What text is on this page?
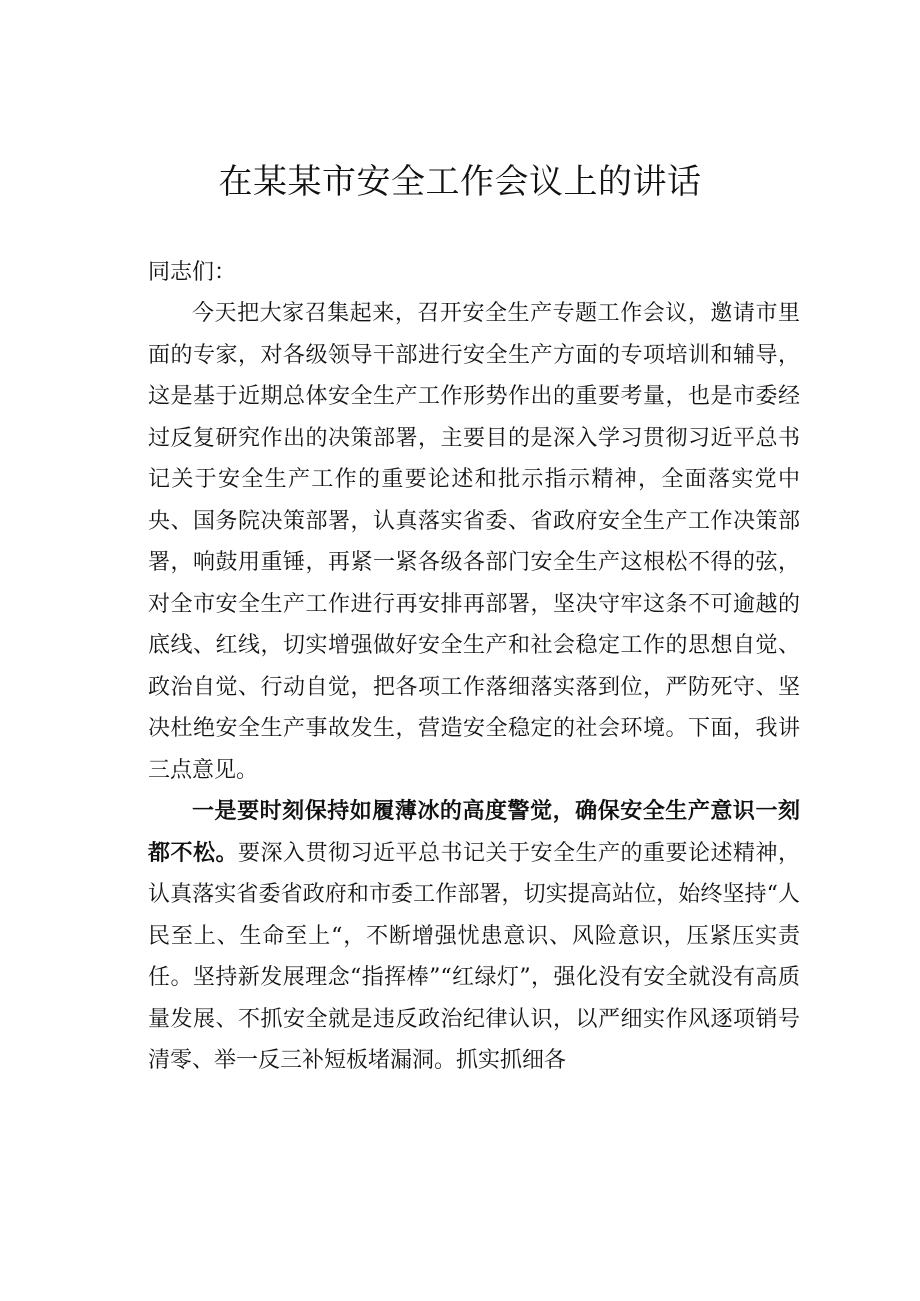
在某某市安全工作会议上的讲话

同志们：

今天把大家召集起来，召开安全生产专题工作会议，邀请市里面的专家，对各级领导干部进行安全生产方面的专项培训和辅导，这是基于近期总体安全生产工作形势作出的重要考量，也是市委经过反复研究作出的决策部署，主要目的是深入学习贯彻习近平总书记关于安全生产工作的重要论述和批示指示精神，全面落实党中央、国务院决策部署，认真落实省委、省政府安全生产工作决策部署，响鼓用重锤，再紧一紧各级各部门安全生产这根松不得的弦，对全市安全生产工作进行再安排再部署，坚决守牢这条不可逾越的底线、红线，切实增强做好安全生产和社会稳定工作的思想自觉、政治自觉、行动自觉，把各项工作落细落实落到位，严防死守、坚决杜绝安全生产事故发生，营造安全稳定的社会环境。下面，我讲三点意见。

一是要时刻保持如履薄冰的高度警觉，确保安全生产意识一刻都不松。要深入贯彻习近平总书记关于安全生产的重要论述精神，认真落实省委省政府和市委工作部署，切实提高站位，始终坚持“人民至上、生命至上“，不断增强忧患意识、风险意识，压紧压实责任。坚持新发展理念“指挥棒”“红绿灯”，强化没有安全就没有高质量发展、不抓安全就是违反政治纪律认识，以严细实作风逐项销号清零、举一反三补短板堵漏洞。抓实抓细各
